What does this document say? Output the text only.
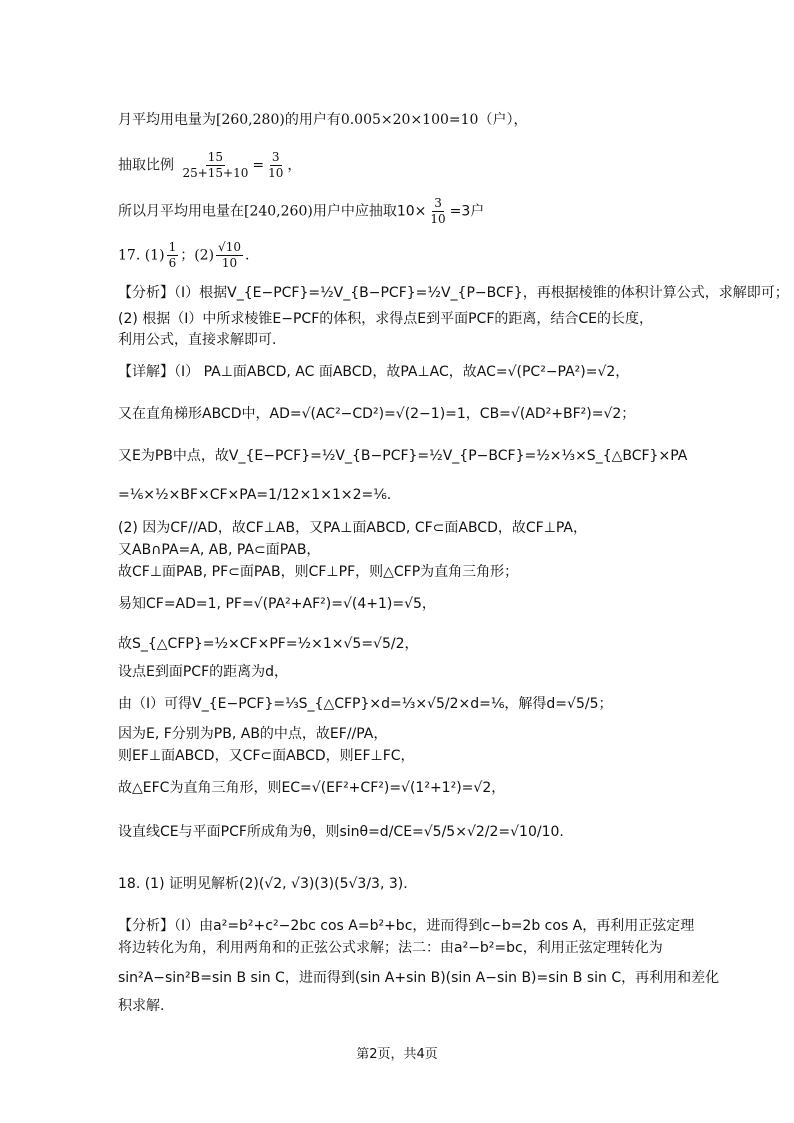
月平均用电量为[260,280)的用户有0.005×20×100=10（户），
抽取比例 $\frac{15}{25+15+10} = \frac{3}{10}$ ，
所以月平均用电量在[240,260)用户中应抽取$10\times \frac{3}{10} =3$户
17. $(1) \frac{1}{6}$ ；$(2) \frac{√10}{10}$ .
【分析】（I）根据V_{E−PCF}=½V_{B−PCF}=½V_{P−BCF}，再根据棱锥的体积计算公式，求解即可；
(2) 根据（I）中所求棱锥E−PCF的体积，求得点E到平面PCF的距离，结合CE的长度，
利用公式，直接求解即可.
【详解】（I） PA⊥面ABCD, AC 面ABCD，故PA⊥AC，故AC=√(PC²−PA²)=√2，
又在直角梯形ABCD中，AD=√(AC²−CD²)=√(2−1)=1，CB=√(AD²+BF²)=√2；
又E为PB中点，故V_{E−PCF}=½V_{B−PCF}=½V_{P−BCF}=½×⅓×S_{△BCF}×PA
=⅙×½×BF×CF×PA=1/12×1×1×2=⅙.
(2) 因为CF//AD，故CF⊥AB，又PA⊥面ABCD, CF⊂面ABCD，故CF⊥PA，
又AB∩PA=A, AB, PA⊂面PAB，
故CF⊥面PAB, PF⊂面PAB，则CF⊥PF，则△CFP为直角三角形；
易知CF=AD=1, PF=√(PA²+AF²)=√(4+1)=√5，
故S_{△CFP}=½×CF×PF=½×1×√5=√5/2，
设点E到面PCF的距离为d，
由（I）可得V_{E−PCF}=⅓S_{△CFP}×d=⅓×√5/2×d=⅙，解得d=√5/5；
因为E, F分别为PB, AB的中点，故EF//PA，
则EF⊥面ABCD，又CF⊂面ABCD，则EF⊥FC，
故△EFC为直角三角形，则EC=√(EF²+CF²)=√(1²+1²)=√2，
设直线CE与平面PCF所成角为θ，则sinθ=d/CE=√5/5×√2/2=√10/10.
18. (1) 证明见解析(2)(√2, √3)(3)(5√3/3, 3).
【分析】（I）由a²=b²+c²−2bc cos A=b²+bc，进而得到c−b=2b cos A，再利用正弦定理
将边转化为角，利用两角和的正弦公式求解；法二：由a²−b²=bc，利用正弦定理转化为
sin²A−sin²B=sin B sin C，进而得到(sin A+sin B)(sin A−sin B)=sin B sin C，再利用和差化
积求解.
第2页，共4页
